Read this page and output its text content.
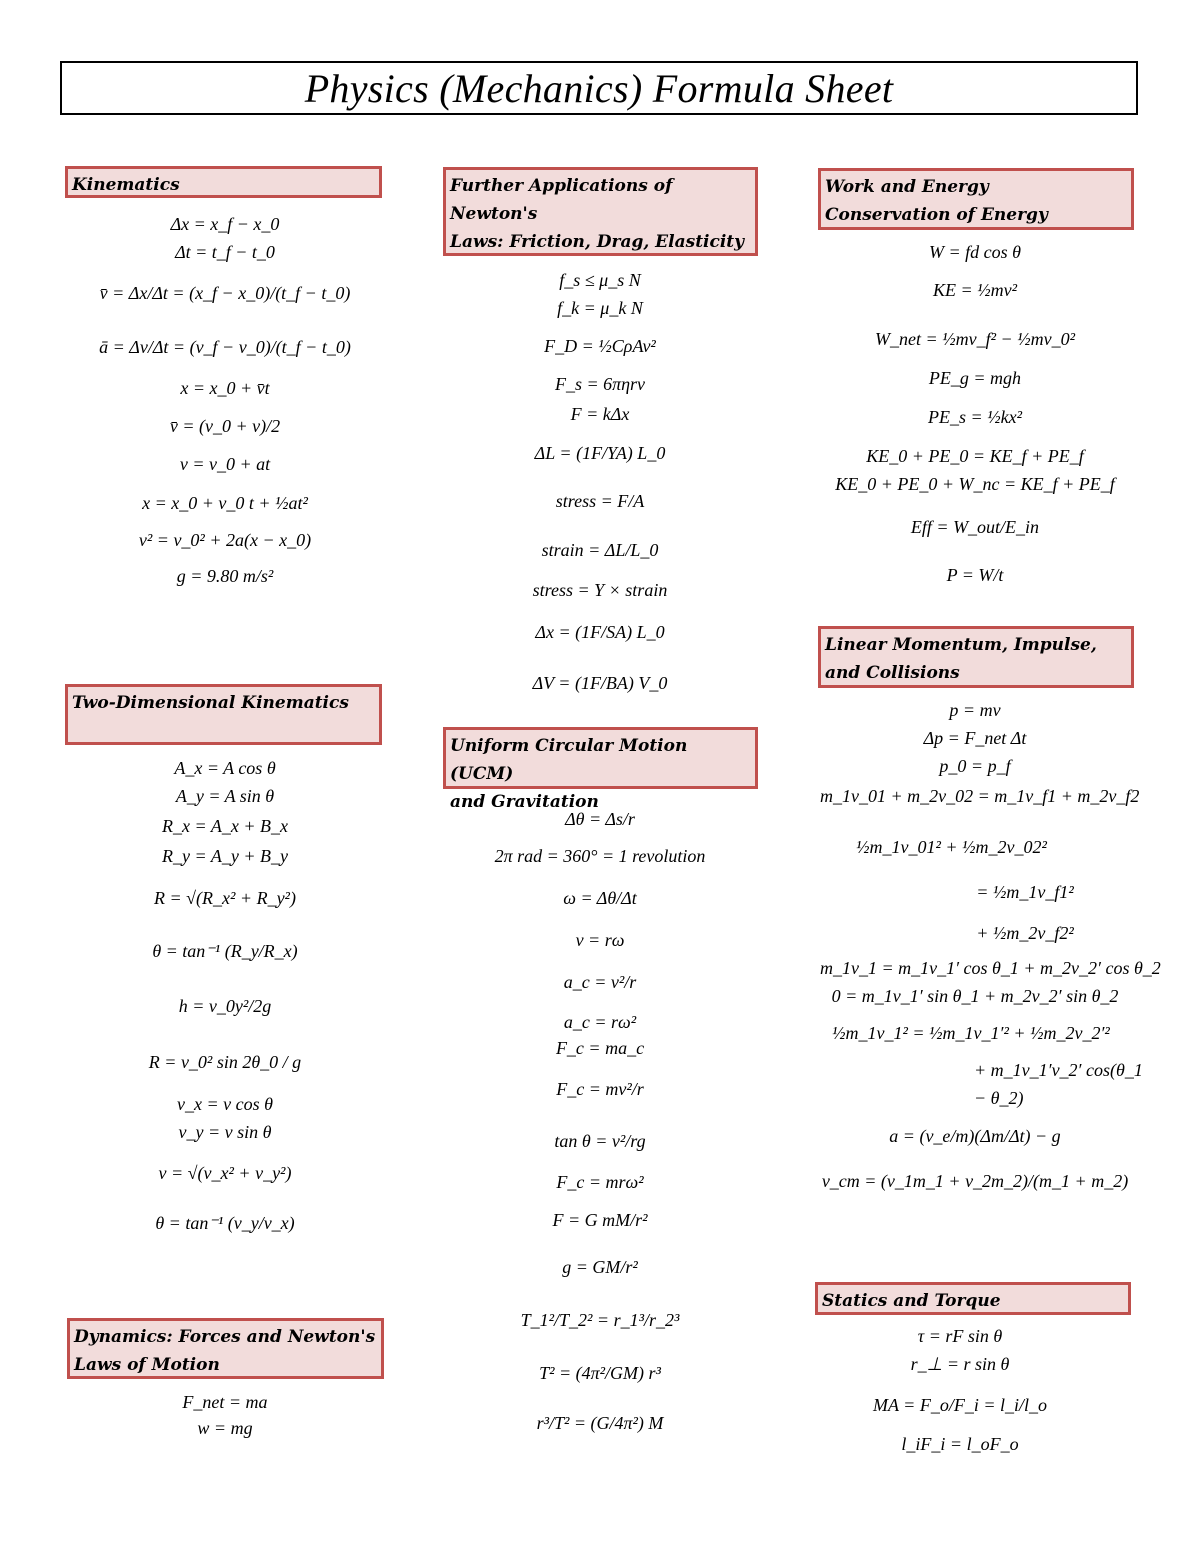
Physics (Mechanics) Formula Sheet
Kinematics
Δx = x_f − x_0
Δt = t_f − t_0
v̄ = Δx/Δt = (x_f − x_0)/(t_f − t_0)
ā = Δv/Δt = (v_f − v_0)/(t_f − t_0)
x = x_0 + v̄t
v̄ = (v_0 + v)/2
v = v_0 + at
x = x_0 + v_0 t + ½at²
v² = v_0² + 2a(x − x_0)
g = 9.80 m/s²
Two-Dimensional Kinematics
A_x = A cos θ
A_y = A sin θ
R_x = A_x + B_x
R_y = A_y + B_y
R = √(R_x² + R_y²)
θ = tan⁻¹ (R_y/R_x)
h = v_0y²/2g
R = v_0² sin 2θ_0 / g
v_x = v cos θ
v_y = v sin θ
v = √(v_x² + v_y²)
θ = tan⁻¹ (v_y/v_x)
Dynamics: Forces and Newton's
Laws of Motion
F_net = ma
w = mg
Further Applications of Newton's
Laws: Friction, Drag, Elasticity
f_s ≤ μ_s N
f_k = μ_k N
F_D = ½CρAv²
F_s = 6πηrv
F = kΔx
ΔL = (1F/YA) L_0
stress = F/A
strain = ΔL/L_0
stress = Y × strain
Δx = (1F/SA) L_0
ΔV = (1F/BA) V_0
Uniform Circular Motion (UCM)
and Gravitation
Δθ = Δs/r
2π rad = 360° = 1 revolution
ω = Δθ/Δt
v = rω
a_c = v²/r
a_c = rω²
F_c = ma_c
F_c = mv²/r
tan θ = v²/rg
F_c = mrω²
F = G mM/r²
g = GM/r²
T_1²/T_2² = r_1³/r_2³
T² = (4π²/GM) r³
r³/T² = (G/4π²) M
Work and Energy
Conservation of Energy
W = fd cos θ
KE = ½mv²
W_net = ½mv_f² − ½mv_0²
PE_g = mgh
PE_s = ½kx²
KE_0 + PE_0 = KE_f + PE_f
KE_0 + PE_0 + W_nc = KE_f + PE_f
Eff = W_out/E_in
P = W/t
Linear Momentum, Impulse,
and Collisions
p = mv
Δp = F_net Δt
p_0 = p_f
m_1v_01 + m_2v_02 = m_1v_f1 + m_2v_f2
½m_1v_01² + ½m_2v_02²
= ½m_1v_f1²
+ ½m_2v_f2²
m_1v_1 = m_1v_1′ cos θ_1 + m_2v_2′ cos θ_2
0 = m_1v_1′ sin θ_1 + m_2v_2′ sin θ_2
½m_1v_1² = ½m_1v_1′² + ½m_2v_2′²
+ m_1v_1′v_2′ cos(θ_1
− θ_2)
a = (v_e/m)(Δm/Δt) − g
v_cm = (v_1m_1 + v_2m_2)/(m_1 + m_2)
Statics and Torque
τ = rF sin θ
r_⊥ = r sin θ
MA = F_o/F_i = l_i/l_o
l_iF_i = l_oF_o
